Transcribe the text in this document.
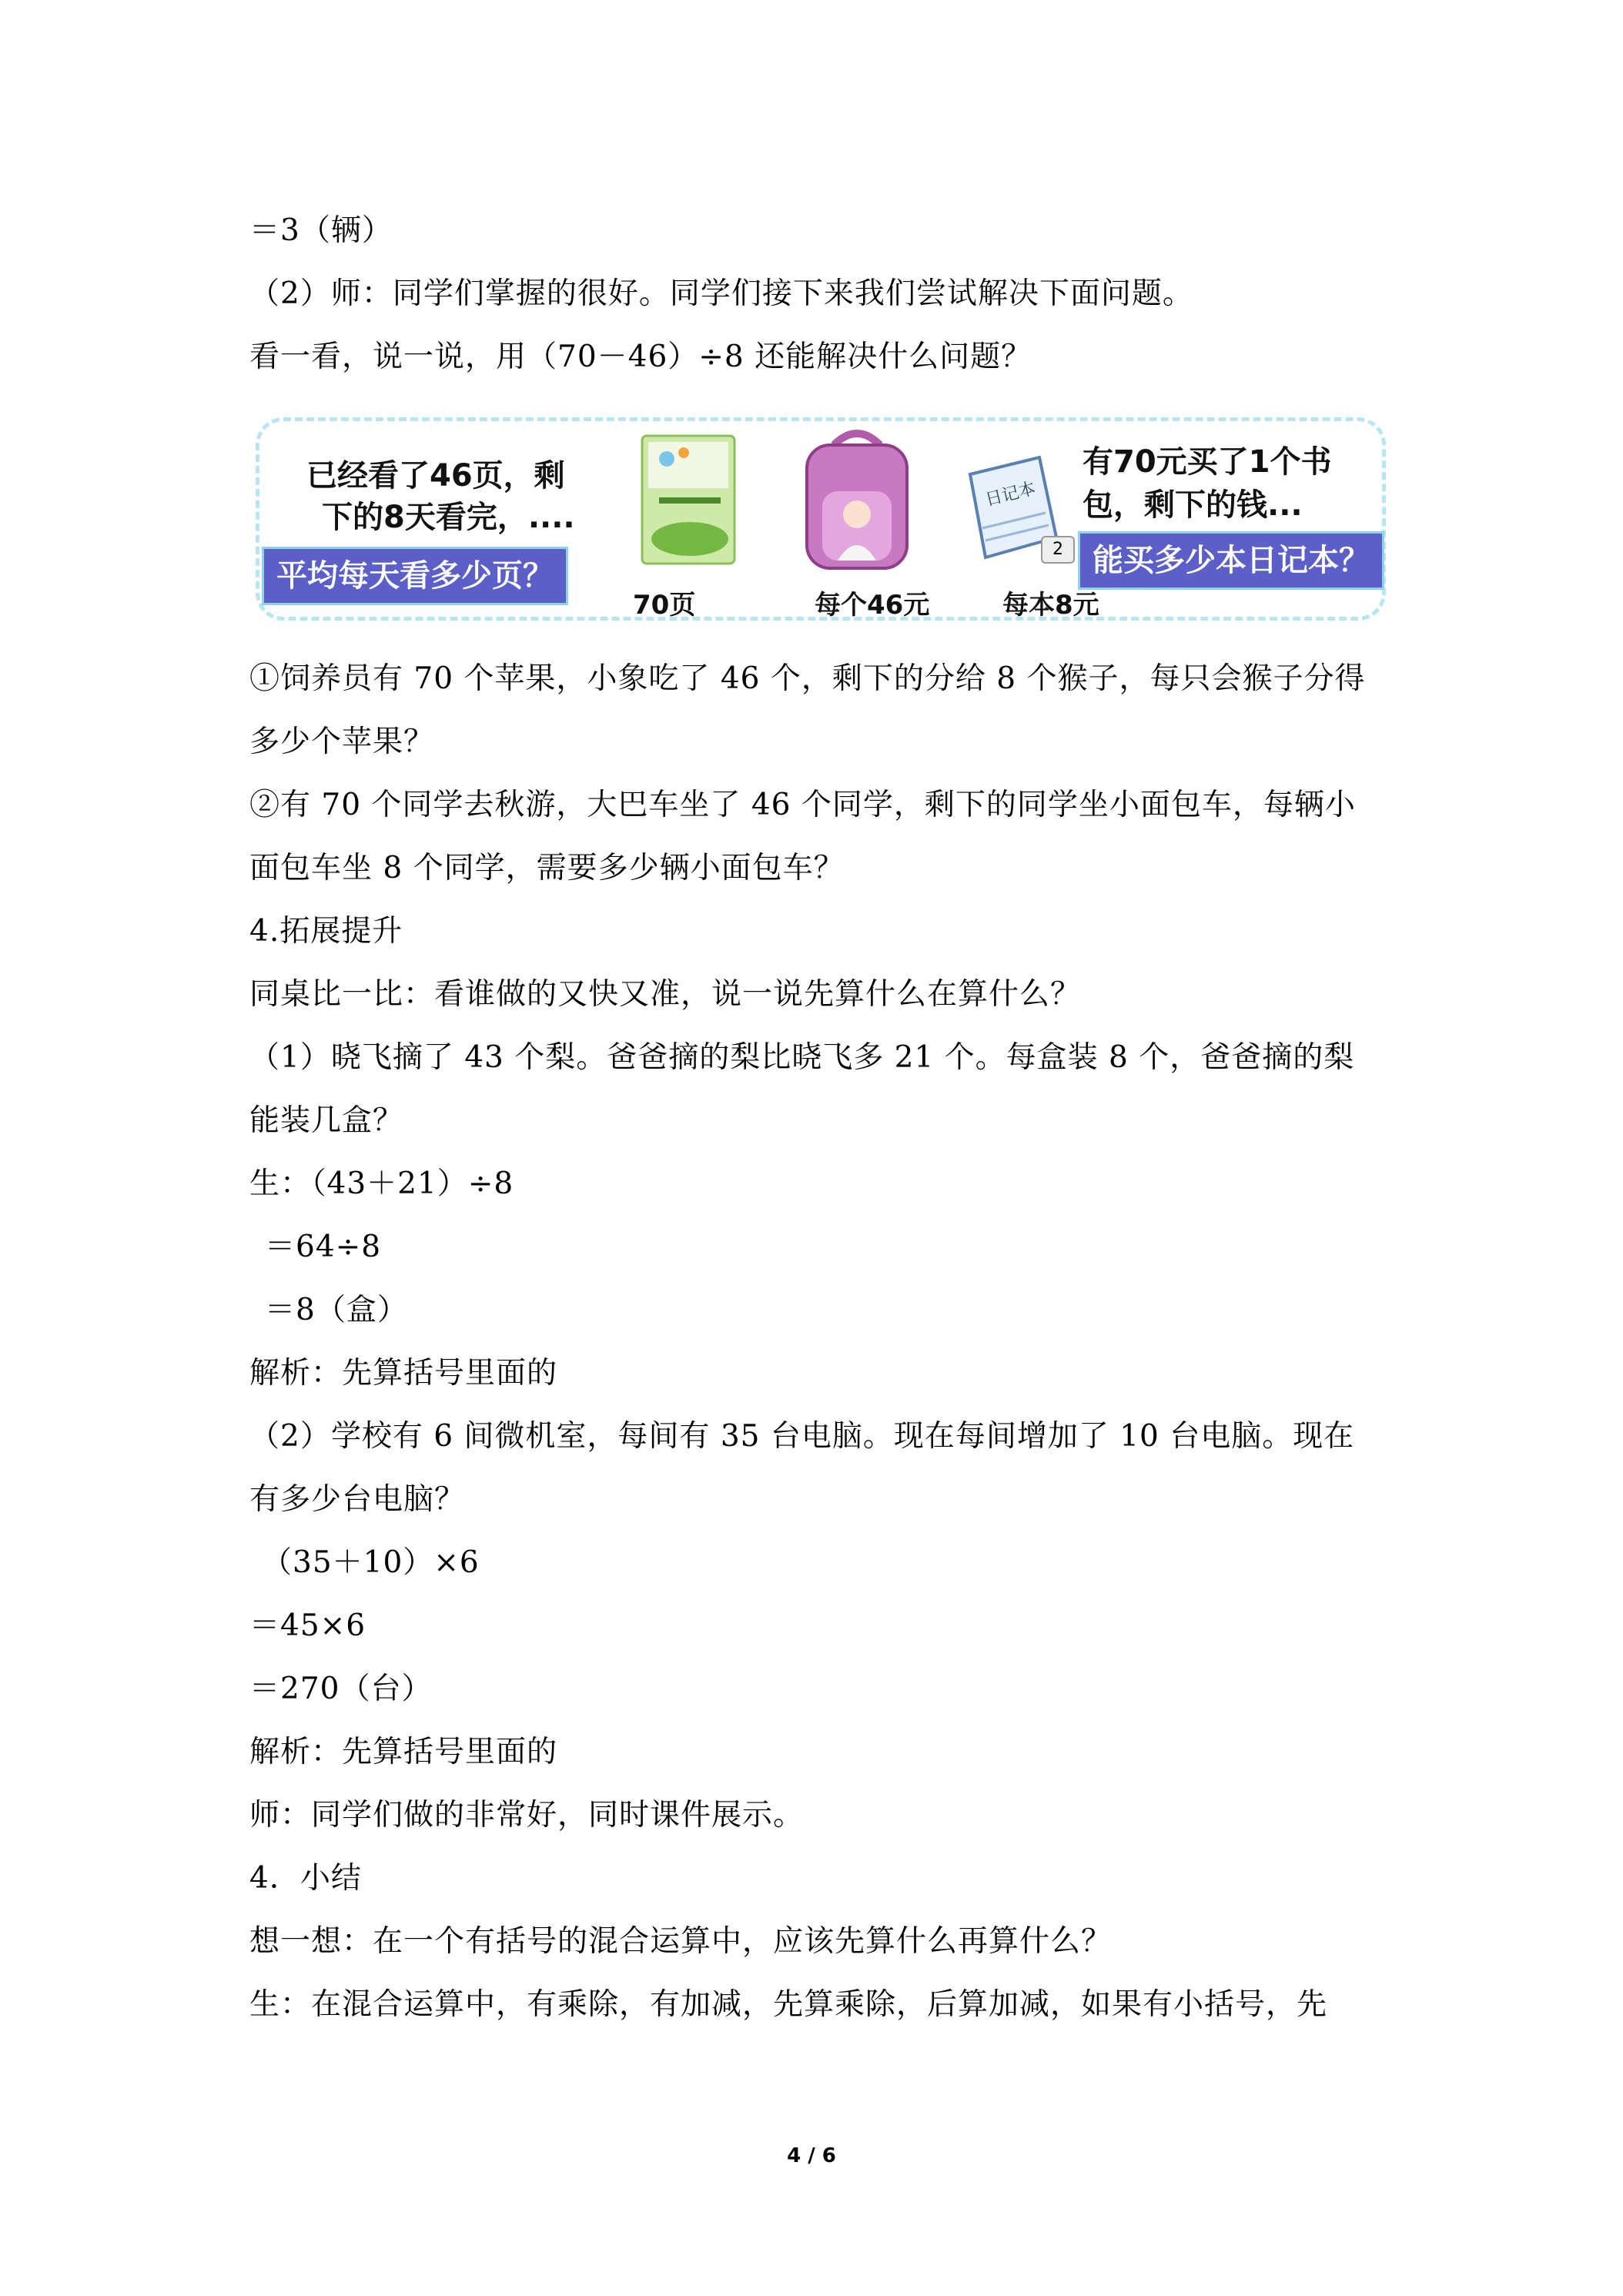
＝3（辆）
（2）师：同学们掌握的很好。同学们接下来我们尝试解决下面问题。
看一看，说一说，用（70－46）÷8 还能解决什么问题？
已经看了46页，剩
下的8天看完，....
平均每天看多少页？
日记本
2
70页	每个46元	每本8元
有70元买了1个书
包，剩下的钱...
能买多少本日记本？
①饲养员有 70 个苹果，小象吃了 46 个，剩下的分给 8 个猴子，每只会猴子分得
多少个苹果？
②有 70 个同学去秋游，大巴车坐了 46 个同学，剩下的同学坐小面包车，每辆小
面包车坐 8 个同学，需要多少辆小面包车？
4.拓展提升
同桌比一比：看谁做的又快又准，说一说先算什么在算什么？
（1）晓飞摘了 43 个梨。爸爸摘的梨比晓飞多 21 个。每盒装 8 个，爸爸摘的梨
能装几盒？
生：（43＋21）÷8
＝64÷8
＝8（盒）
解析：先算括号里面的
（2）学校有 6 间微机室，每间有 35 台电脑。现在每间增加了 10 台电脑。现在
有多少台电脑？
（35＋10）×6
＝45×6
＝270（台）
解析：先算括号里面的
师：同学们做的非常好，同时课件展示。
4．小结
想一想：在一个有括号的混合运算中，应该先算什么再算什么？
生：在混合运算中，有乘除，有加减，先算乘除，后算加减，如果有小括号，先
4 / 6
